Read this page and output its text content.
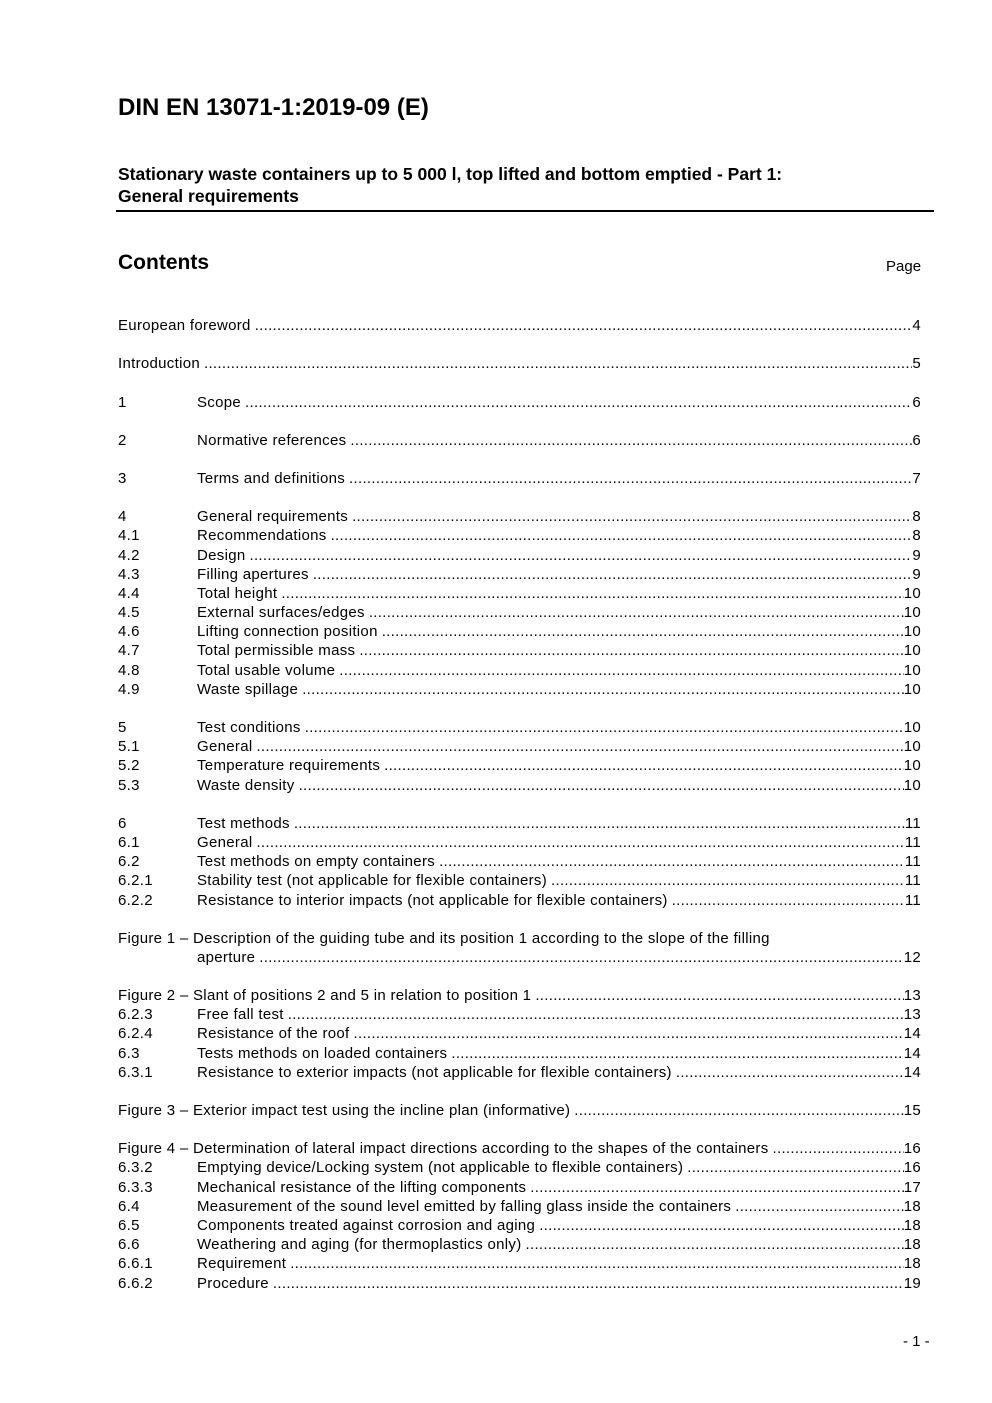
DIN EN 13071-1:2019-09 (E)
Stationary waste containers up to 5 000 l, top lifted and bottom emptied - Part 1:
General requirements
Contents	Page
European foreword .....	4
Introduction .....	5
1	Scope .....	6
2	Normative references .....	6
3	Terms and definitions .....	7
4	General requirements .....	8
4.1	Recommendations .....	8
4.2	Design .....	9
4.3	Filling apertures .....	9
4.4	Total height .....	10
4.5	External surfaces/edges .....	10
4.6	Lifting connection position .....	10
4.7	Total permissible mass .....	10
4.8	Total usable volume .....	10
4.9	Waste spillage .....	10
5	Test conditions .....	10
5.1	General .....	10
5.2	Temperature requirements .....	10
5.3	Waste density .....	10
6	Test methods .....	11
6.1	General .....	11
6.2	Test methods on empty containers .....	11
6.2.1	Stability test (not applicable for flexible containers) .....	11
6.2.2	Resistance to interior impacts (not applicable for flexible containers) .....	11
Figure 1 – Description of the guiding tube and its position 1 according to the slope of the filling
aperture .....	12
Figure 2 – Slant of positions 2 and 5 in relation to position 1 .....	13
6.2.3	Free fall test .....	13
6.2.4	Resistance of the roof .....	14
6.3	Tests methods on loaded containers .....	14
6.3.1	Resistance to exterior impacts (not applicable for flexible containers) .....	14
Figure 3 – Exterior impact test using the incline plan (informative) .....	15
Figure 4 – Determination of lateral impact directions according to the shapes of the containers .....	16
6.3.2	Emptying device/Locking system (not applicable to flexible containers) .....	16
6.3.3	Mechanical resistance of the lifting components .....	17
6.4	Measurement of the sound level emitted by falling glass inside the containers .....	18
6.5	Components treated against corrosion and aging .....	18
6.6	Weathering and aging (for thermoplastics only) .....	18
6.6.1	Requirement .....	18
6.6.2	Procedure .....	19
- 1 -
